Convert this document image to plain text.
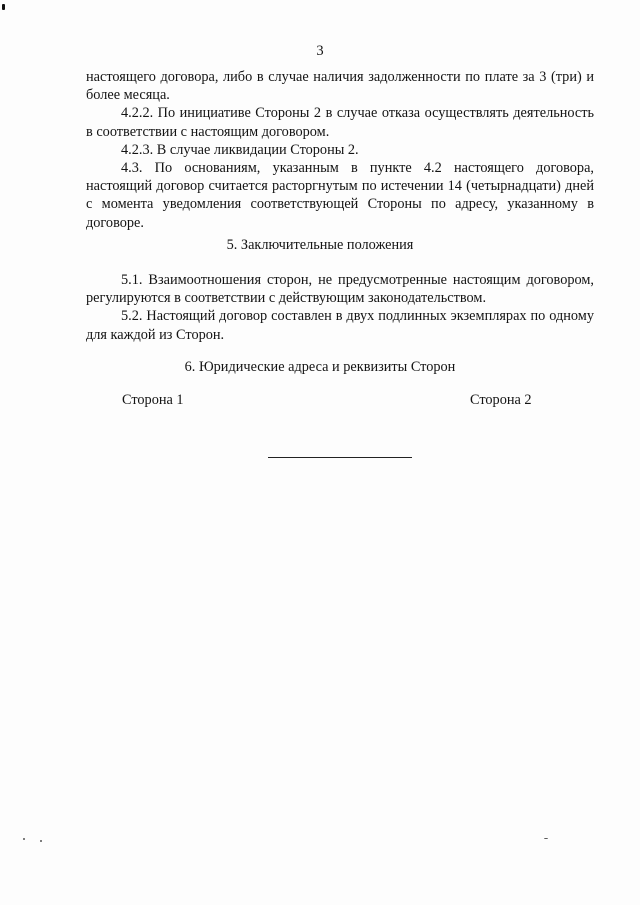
3

настоящего договора, либо в случае наличия задолженности по плате за 3 (три) и более месяца.

4.2.2. По инициативе Стороны 2 в случае отказа осуществлять деятельность в соответствии с настоящим договором.

4.2.3. В случае ликвидации Стороны 2.

4.3. По основаниям, указанным в пункте 4.2 настоящего договора, настоящий договор считается расторгнутым по истечении 14 (четырнадцати) дней с момента уведомления соответствующей Стороны по адресу, указанному в договоре.

5. Заключительные положения

5.1. Взаимоотношения сторон, не предусмотренные настоящим договором, регулируются в соответствии с действующим законодательством.

5.2. Настоящий договор составлен в двух подлинных экземплярах по одному для каждой из Сторон.

6. Юридические адреса и реквизиты Сторон
Сторона 1	Сторона 2
